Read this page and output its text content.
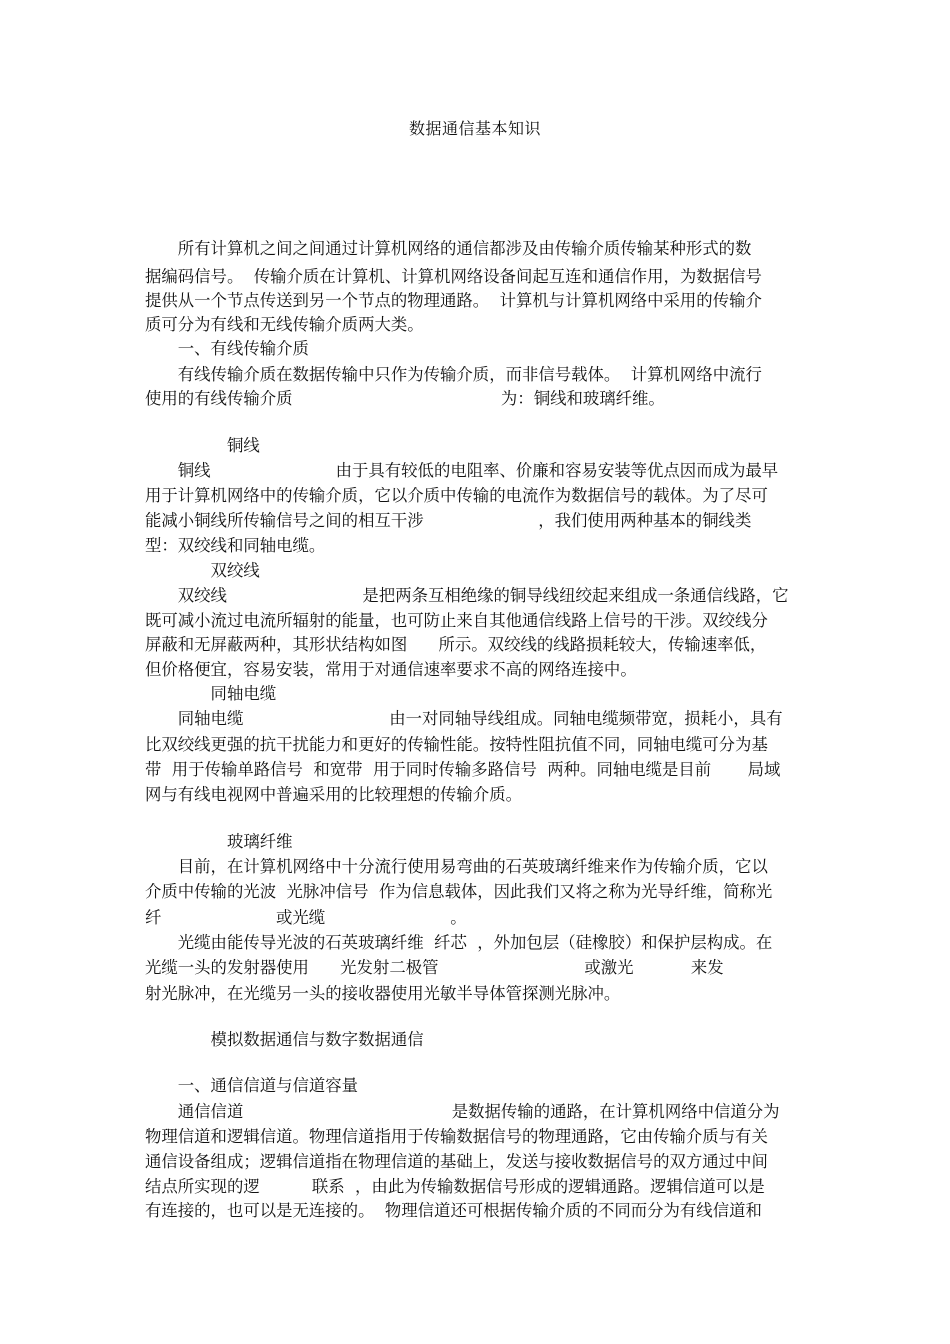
数据通信基本知识
　　所有计算机之间之间通过计算机网络的通信都涉及由传输介质传输某种形式的数
据编码信号。  传输介质在计算机、计算机网络设备间起互连和通信作用，为数据信号
提供从一个节点传送到另一个节点的物理通路。  计算机与计算机网络中采用的传输介
质可分为有线和无线传输介质两大类。
　　一、有线传输介质
　　有线传输介质在数据传输中只作为传输介质，而非信号载体。  计算机网络中流行
使用的有线传输介质                                        为：铜线和玻璃纤维。
　　　　　铜线
　　铜线                        由于具有较低的电阻率、价廉和容易安装等优点因而成为最早
用于计算机网络中的传输介质，它以介质中传输的电流作为数据信号的载体。为了尽可
能减小铜线所传输信号之间的相互干涉                      ，我们使用两种基本的铜线类
型：双绞线和同轴电缆。
　　　　双绞线
　　双绞线                          是把两条互相绝缘的铜导线纽绞起来组成一条通信线路，它
既可减小流过电流所辐射的能量，也可防止来自其他通信线路上信号的干涉。双绞线分
屏蔽和无屏蔽两种，其形状结构如图      所示。双绞线的线路损耗较大，传输速率低，
但价格便宜，容易安装，常用于对通信速率要求不高的网络连接中。
　　　　同轴电缆
　　同轴电缆                            由一对同轴导线组成。同轴电缆频带宽，损耗小，具有
比双绞线更强的抗干扰能力和更好的传输性能。按特性阻抗值不同，同轴电缆可分为基
带  用于传输单路信号  和宽带  用于同时传输多路信号  两种。同轴电缆是目前       局域
网与有线电视网中普遍采用的比较理想的传输介质。
　　　　　玻璃纤维
　　目前，在计算机网络中十分流行使用易弯曲的石英玻璃纤维来作为传输介质，它以
介质中传输的光波  光脉冲信号  作为信息载体，因此我们又将之称为光导纤维，简称光
纤                      或光缆                        。
　　光缆由能传导光波的石英玻璃纤维  纤芯  ，外加包层（硅橡胶）和保护层构成。在
光缆一头的发射器使用      光发射二极管                            或激光           来发
射光脉冲，在光缆另一头的接收器使用光敏半导体管探测光脉冲。
　　　　模拟数据通信与数字数据通信
　　一、通信信道与信道容量
　　通信信道                                        是数据传输的通路，在计算机网络中信道分为
物理信道和逻辑信道。物理信道指用于传输数据信号的物理通路，它由传输介质与有关
通信设备组成；逻辑信道指在物理信道的基础上，发送与接收数据信号的双方通过中间
结点所实现的逻          联系  ，由此为传输数据信号形成的逻辑通路。逻辑信道可以是
有连接的，也可以是无连接的。  物理信道还可根据传输介质的不同而分为有线信道和
